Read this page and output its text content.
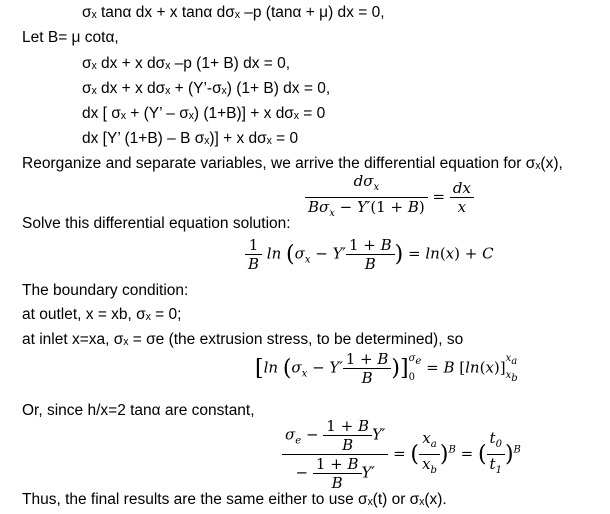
σₓ tanα dx + x tanα dσₓ –p (tanα + μ) dx = 0,
Let B= μ cotα,
σₓ dx + x dσₓ –p (1+ B) dx = 0,
σₓ dx + x dσₓ + (Y’-σₓ) (1+ B) dx = 0,
dx [ σₓ + (Y’ – σₓ) (1+B)] + x dσₓ = 0
dx [Y’ (1+B) – B σₓ)] + x dσₓ = 0
Reorganize and separate variables, we arrive the differential equation for σₓ(x),
$\frac{d\sigma_x}{B\sigma_x - Y'(1 + B)} = \frac{dx}{x}$
Solve this differential equation solution:
$\frac{1}{B}$ $\ln (\sigma_x - Y' \frac{1 + B}{B}$ ) = ln(x) + C
The boundary condition:
at outlet, x = xb, σₓ = 0;
at inlet x=xa, σₓ = σe (the extrusion stress, to be determined), so
[ln $(\sigma_x - Y' \frac{1 + B}{B} )]\sigma_e$
0 = B $[\ln(x)]x_a$
$x_b$
Or, since h/x=2 tanα are constant,
$\frac{\sigma_e - \frac{1 + B}{B} Y'}{- \frac{1 + B}{B} Y'}$ = ( $\frac{x_a}{x_b} )^B$ = ( $\frac{t_0}{t_1} )^B$
Thus, the final results are the same either to use σₓ(t) or σₓ(x).
